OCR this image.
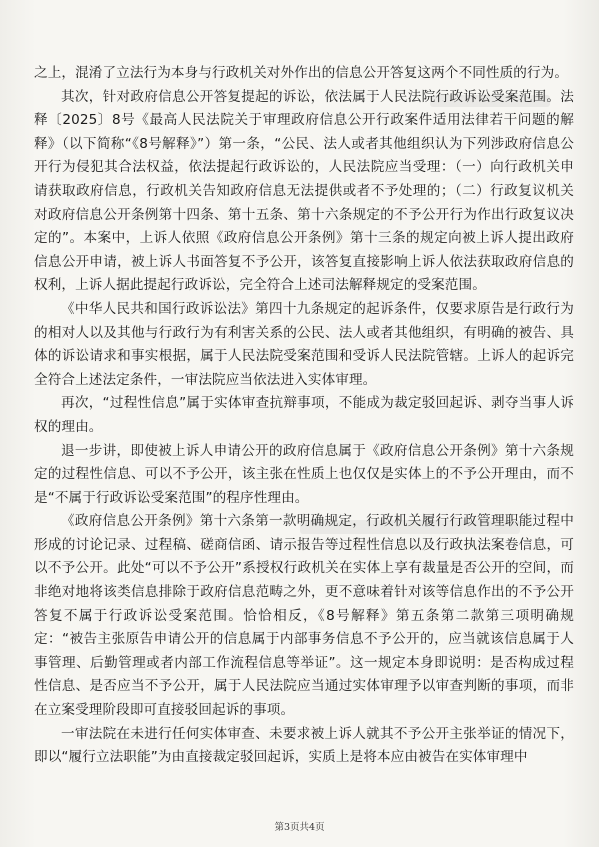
之上，混淆了立法行为本身与行政机关对外作出的信息公开答复这两个不同性质的行为。

其次，针对政府信息公开答复提起的诉讼，依法属于人民法院行政诉讼受案范围。法释〔2025〕8号《最高人民法院关于审理政府信息公开行政案件适用法律若干问题的解释》（以下简称“《8号解释》”）第一条，“公民、法人或者其他组织认为下列涉政府信息公开行为侵犯其合法权益，依法提起行政诉讼的，人民法院应当受理：（一）向行政机关申请获取政府信息，行政机关告知政府信息无法提供或者不予处理的；（二）行政复议机关对政府信息公开条例第十四条、第十五条、第十六条规定的不予公开行为作出行政复议决定的”。本案中，上诉人依照《政府信息公开条例》第十三条的规定向被上诉人提出政府信息公开申请，被上诉人书面答复不予公开，该答复直接影响上诉人依法获取政府信息的权利，上诉人据此提起行政诉讼，完全符合上述司法解释规定的受案范围。

《中华人民共和国行政诉讼法》第四十九条规定的起诉条件，仅要求原告是行政行为的相对人以及其他与行政行为有利害关系的公民、法人或者其他组织，有明确的被告、具体的诉讼请求和事实根据，属于人民法院受案范围和受诉人民法院管辖。上诉人的起诉完全符合上述法定条件，一审法院应当依法进入实体审理。

再次，“过程性信息”属于实体审查抗辩事项，不能成为裁定驳回起诉、剥夺当事人诉权的理由。

退一步讲，即使被上诉人申请公开的政府信息属于《政府信息公开条例》第十六条规定的过程性信息、可以不予公开，该主张在性质上也仅仅是实体上的不予公开理由，而不是“不属于行政诉讼受案范围”的程序性理由。

《政府信息公开条例》第十六条第一款明确规定，行政机关履行行政管理职能过程中形成的讨论记录、过程稿、磋商信函、请示报告等过程性信息以及行政执法案卷信息，可以不予公开。此处“可以不予公开”系授权行政机关在实体上享有裁量是否公开的空间，而非绝对地将该类信息排除于政府信息范畴之外，更不意味着针对该等信息作出的不予公开答复不属于行政诉讼受案范围。恰恰相反，《8号解释》第五条第二款第三项明确规定：“被告主张原告申请公开的信息属于内部事务信息不予公开的，应当就该信息属于人事管理、后勤管理或者内部工作流程信息等举证”。这一规定本身即说明：是否构成过程性信息、是否应当不予公开，属于人民法院应当通过实体审理予以审查判断的事项，而非在立案受理阶段即可直接驳回起诉的事项。

一审法院在未进行任何实体审查、未要求被上诉人就其不予公开主张举证的情况下，即以“履行立法职能”为由直接裁定驳回起诉，实质上是将本应由被告在实体审理中

第3页共4页
